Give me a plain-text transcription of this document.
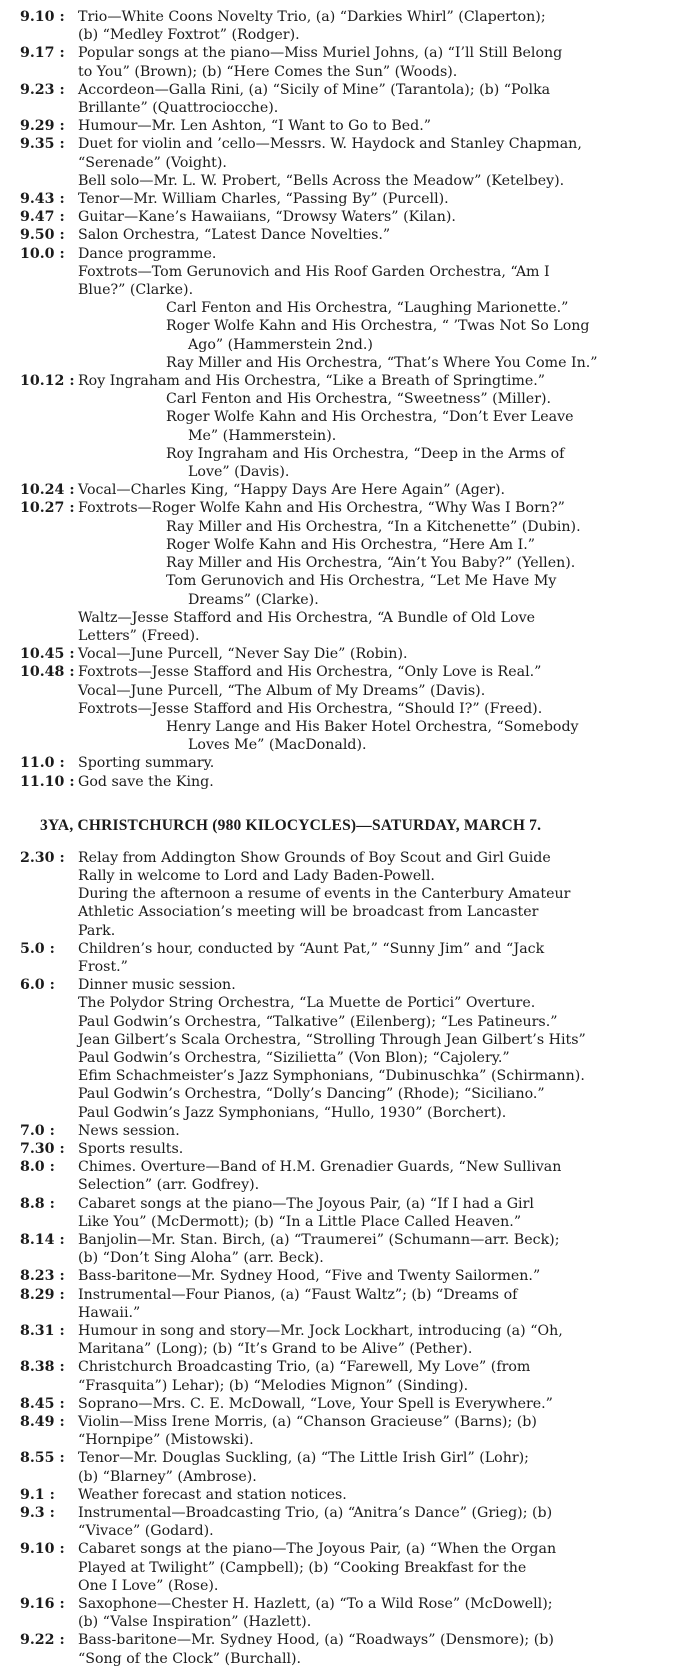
9.10 : Trio—White Coons Novelty Trio, (a) “Darkies Whirl” (Claperton);
(b) “Medley Foxtrot” (Rodger).
9.17 : Popular songs at the piano—Miss Muriel Johns, (a) “I’ll Still Belong
to You” (Brown); (b) “Here Comes the Sun” (Woods).
9.23 : Accordeon—Galla Rini, (a) “Sicily of Mine” (Tarantola); (b) “Polka
Brillante” (Quattrociocche).
9.29 : Humour—Mr. Len Ashton, “I Want to Go to Bed.”
9.35 : Duet for violin and ’cello—Messrs. W. Haydock and Stanley Chapman,
“Serenade” (Voight).
Bell solo—Mr. L. W. Probert, “Bells Across the Meadow” (Ketelbey).
9.43 : Tenor—Mr. William Charles, “Passing By” (Purcell).
9.47 : Guitar—Kane’s Hawaiians, “Drowsy Waters” (Kilan).
9.50 : Salon Orchestra, “Latest Dance Novelties.”
10.0 : Dance programme.
Foxtrots—Tom Gerunovich and His Roof Garden Orchestra, “Am I
Blue?” (Clarke).
Carl Fenton and His Orchestra, “Laughing Marionette.”
Roger Wolfe Kahn and His Orchestra, “ ’Twas Not So Long
Ago” (Hammerstein 2nd.)
Ray Miller and His Orchestra, “That’s Where You Come In.”
10.12 : Roy Ingraham and His Orchestra, “Like a Breath of Springtime.”
Carl Fenton and His Orchestra, “Sweetness” (Miller).
Roger Wolfe Kahn and His Orchestra, “Don’t Ever Leave
Me” (Hammerstein).
Roy Ingraham and His Orchestra, “Deep in the Arms of
Love” (Davis).
10.24 : Vocal—Charles King, “Happy Days Are Here Again” (Ager).
10.27 : Foxtrots—Roger Wolfe Kahn and His Orchestra, “Why Was I Born?”
Ray Miller and His Orchestra, “In a Kitchenette” (Dubin).
Roger Wolfe Kahn and His Orchestra, “Here Am I.”
Ray Miller and His Orchestra, “Ain’t You Baby?” (Yellen).
Tom Gerunovich and His Orchestra, “Let Me Have My
Dreams” (Clarke).
Waltz—Jesse Stafford and His Orchestra, “A Bundle of Old Love
Letters” (Freed).
10.45 : Vocal—June Purcell, “Never Say Die” (Robin).
10.48 : Foxtrots—Jesse Stafford and His Orchestra, “Only Love is Real.”
Vocal—June Purcell, “The Album of My Dreams” (Davis).
Foxtrots—Jesse Stafford and His Orchestra, “Should I?” (Freed).
Henry Lange and His Baker Hotel Orchestra, “Somebody
Loves Me” (MacDonald).
11.0 : Sporting summary.
11.10 : God save the King.
3YA, CHRISTCHURCH (980 KILOCYCLES)—SATURDAY, MARCH 7.
2.30 : Relay from Addington Show Grounds of Boy Scout and Girl Guide
Rally in welcome to Lord and Lady Baden-Powell.
During the afternoon a resume of events in the Canterbury Amateur
Athletic Association’s meeting will be broadcast from Lancaster
Park.
5.0 :	Children’s hour, conducted by “Aunt Pat,” “Sunny Jim” and “Jack
Frost.”
6.0 :	Dinner music session.
The Polydor String Orchestra, “La Muette de Portici” Overture.
Paul Godwin’s Orchestra, “Talkative” (Eilenberg); “Les Patineurs.”
Jean Gilbert’s Scala Orchestra, “Strolling Through Jean Gilbert’s Hits”
Paul Godwin’s Orchestra, “Sizilietta” (Von Blon); “Cajolery.”
Efim Schachmeister’s Jazz Symphonians, “Dubinuschka” (Schirmann).
Paul Godwin’s Orchestra, “Dolly’s Dancing” (Rhode); “Siciliano.”
Paul Godwin’s Jazz Symphonians, “Hullo, 1930” (Borchert).
7.0 :	News session.
7.30 : Sports results.
8.0 :	Chimes. Overture—Band of H.M. Grenadier Guards, “New Sullivan
Selection” (arr. Godfrey).
8.8 :	Cabaret songs at the piano—The Joyous Pair, (a) “If I had a Girl
Like You” (McDermott); (b) “In a Little Place Called Heaven.”
8.14 : Banjolin—Mr. Stan. Birch, (a) “Traumerei” (Schumann—arr. Beck);
(b) “Don’t Sing Aloha” (arr. Beck).
8.23 : Bass-baritone—Mr. Sydney Hood, “Five and Twenty Sailormen.”
8.29 : Instrumental—Four Pianos, (a) “Faust Waltz”; (b) “Dreams of
Hawaii.”
8.31 : Humour in song and story—Mr. Jock Lockhart, introducing (a) “Oh,
Maritana” (Long); (b) “It’s Grand to be Alive” (Pether).
8.38 : Christchurch Broadcasting Trio, (a) “Farewell, My Love” (from
“Frasquita”) Lehar); (b) “Melodies Mignon” (Sinding).
8.45 : Soprano—Mrs. C. E. McDowall, “Love, Your Spell is Everywhere.”
8.49 : Violin—Miss Irene Morris, (a) “Chanson Gracieuse” (Barns); (b)
“Hornpipe” (Mistowski).
8.55 : Tenor—Mr. Douglas Suckling, (a) “The Little Irish Girl” (Lohr);
(b) “Blarney” (Ambrose).
9.1 :	Weather forecast and station notices.
9.3 :	Instrumental—Broadcasting Trio, (a) “Anitra’s Dance” (Grieg); (b)
“Vivace” (Godard).
9.10 : Cabaret songs at the piano—The Joyous Pair, (a) “When the Organ
Played at Twilight” (Campbell); (b) “Cooking Breakfast for the
One I Love” (Rose).
9.16 : Saxophone—Chester H. Hazlett, (a) “To a Wild Rose” (McDowell);
(b) “Valse Inspiration” (Hazlett).
9.22 : Bass-baritone—Mr. Sydney Hood, (a) “Roadways” (Densmore); (b)
“Song of the Clock” (Burchall).
